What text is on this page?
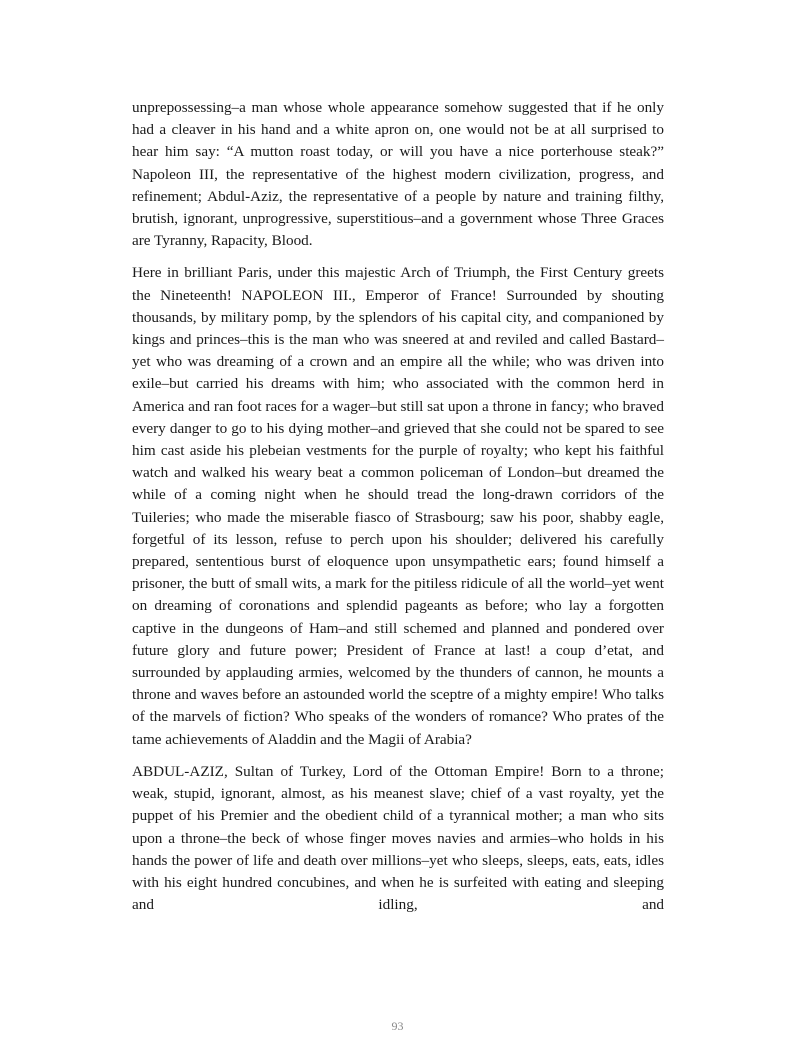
unprepossessing–a man whose whole appearance somehow suggested that if he only had a cleaver in his hand and a white apron on, one would not be at all surprised to hear him say: “A mutton roast today, or will you have a nice porterhouse steak?” Napoleon III, the representative of the highest modern civilization, progress, and refinement; Abdul-Aziz, the representative of a people by nature and training filthy, brutish, ignorant, unprogressive, superstitious–and a government whose Three Graces are Tyranny, Rapacity, Blood.

Here in brilliant Paris, under this majestic Arch of Triumph, the First Century greets the Nineteenth! NAPOLEON III., Emperor of France! Surrounded by shouting thousands, by military pomp, by the splendors of his capital city, and companioned by kings and princes–this is the man who was sneered at and reviled and called Bastard–yet who was dreaming of a crown and an empire all the while; who was driven into exile–but carried his dreams with him; who associated with the common herd in America and ran foot races for a wager–but still sat upon a throne in fancy; who braved every danger to go to his dying mother–and grieved that she could not be spared to see him cast aside his plebeian vestments for the purple of royalty; who kept his faithful watch and walked his weary beat a common policeman of London–but dreamed the while of a coming night when he should tread the long-drawn corridors of the Tuileries; who made the miserable fiasco of Strasbourg; saw his poor, shabby eagle, forgetful of its lesson, refuse to perch upon his shoulder; delivered his carefully prepared, sententious burst of eloquence upon unsympathetic ears; found himself a prisoner, the butt of small wits, a mark for the pitiless ridicule of all the world–yet went on dreaming of coronations and splendid pageants as before; who lay a forgotten captive in the dungeons of Ham–and still schemed and planned and pondered over future glory and future power; President of France at last! a coup d’etat, and surrounded by applauding armies, welcomed by the thunders of cannon, he mounts a throne and waves before an astounded world the sceptre of a mighty empire! Who talks of the marvels of fiction? Who speaks of the wonders of romance? Who prates of the tame achievements of Aladdin and the Magii of Arabia?

ABDUL-AZIZ, Sultan of Turkey, Lord of the Ottoman Empire! Born to a throne; weak, stupid, ignorant, almost, as his meanest slave; chief of a vast royalty, yet the puppet of his Premier and the obedient child of a tyrannical mother; a man who sits upon a throne–the beck of whose finger moves navies and armies–who holds in his hands the power of life and death over millions–yet who sleeps, sleeps, eats, eats, idles with his eight hundred concubines, and when he is surfeited with eating and sleeping and idling, and

93
